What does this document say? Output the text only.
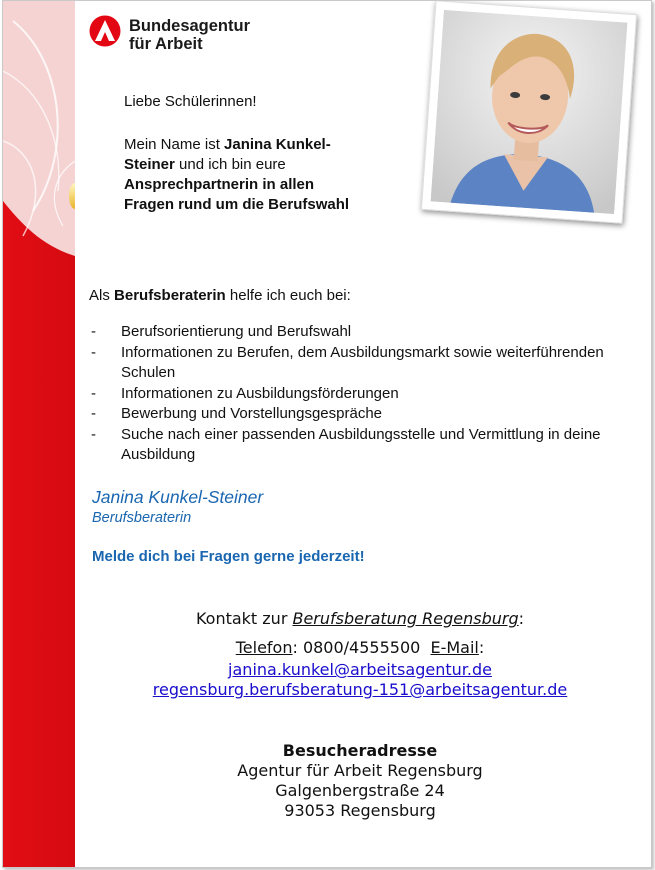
Bundesagentur
für Arbeit

Liebe Schülerinnen!

Mein Name ist Janina Kunkel-
Steiner und ich bin eure
Ansprechpartnerin in allen
Fragen rund um die Berufswahl

Als Berufsberaterin helfe ich euch bei:

- Berufsorientierung und Berufswahl
- Informationen zu Berufen, dem Ausbildungsmarkt sowie weiterführenden Schulen
- Informationen zu Ausbildungsförderungen
- Bewerbung und Vorstellungsgespräche
- Suche nach einer passenden Ausbildungsstelle und Vermittlung in deine Ausbildung
Janina Kunkel-Steiner
Berufsberaterin
Melde dich bei Fragen gerne jederzeit!
Kontakt zur Berufsberatung Regensburg:
Telefon: 0800/4555500 E-Mail:
janina.kunkel@arbeitsagentur.de
regensburg.berufsberatung-151@arbeitsagentur.de
Besucheradresse
Agentur für Arbeit Regensburg
Galgenbergstraße 24
93053 Regensburg
